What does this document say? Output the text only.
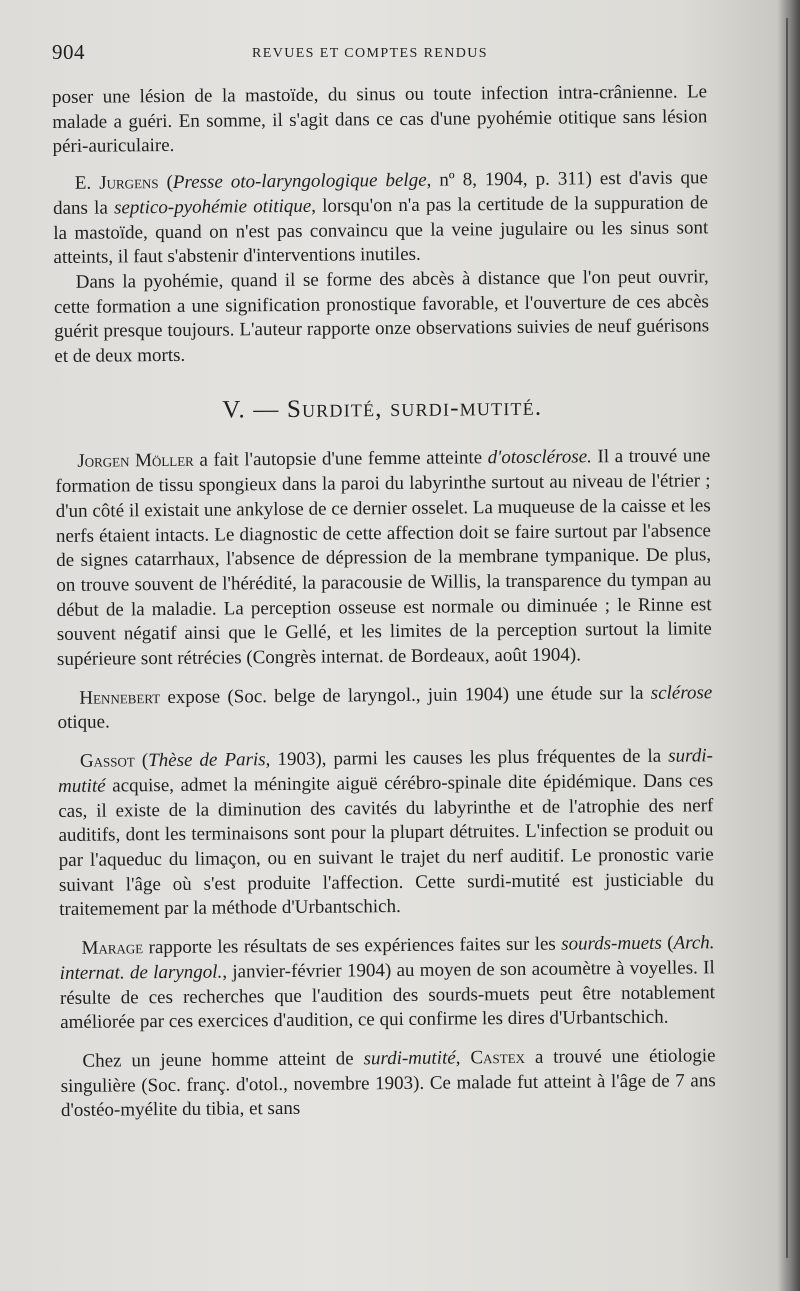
904	REVUES ET COMPTES RENDUS

poser une lésion de la mastoïde, du sinus ou toute infection intra-crânienne. Le malade a guéri. En somme, il s'agit dans ce cas d'une pyohémie otitique sans lésion péri-auriculaire.

E. Jurgens (Presse oto-laryngologique belge, nº 8, 1904, p. 311) est d'avis que dans la septico-pyohémie otitique, lorsqu'on n'a pas la certitude de la suppuration de la mastoïde, quand on n'est pas convaincu que la veine jugulaire ou les sinus sont atteints, il faut s'abstenir d'interventions inutiles.

Dans la pyohémie, quand il se forme des abcès à distance que l'on peut ouvrir, cette formation a une signification pronostique favorable, et l'ouverture de ces abcès guérit presque toujours. L'auteur rapporte onze observations suivies de neuf guérisons et de deux morts.

V. — Surdité, surdi-mutité.

Jorgen Möller a fait l'autopsie d'une femme atteinte d'otosclérose. Il a trouvé une formation de tissu spongieux dans la paroi du labyrinthe surtout au niveau de l'étrier ; d'un côté il existait une ankylose de ce dernier osselet. La muqueuse de la caisse et les nerfs étaient intacts. Le diagnostic de cette affection doit se faire surtout par l'absence de signes catarrhaux, l'absence de dépression de la membrane tympanique. De plus, on trouve souvent de l'hérédité, la paracousie de Willis, la transparence du tympan au début de la maladie. La perception osseuse est normale ou diminuée ; le Rinne est souvent négatif ainsi que le Gellé, et les limites de la perception surtout la limite supérieure sont rétrécies (Congrès internat. de Bordeaux, août 1904).

Hennebert expose (Soc. belge de laryngol., juin 1904) une étude sur la sclérose otique.

Gassot (Thèse de Paris, 1903), parmi les causes les plus fréquentes de la surdi-mutité acquise, admet la méningite aiguë cérébro-spinale dite épidémique. Dans ces cas, il existe de la diminution des cavités du labyrinthe et de l'atrophie des nerf auditifs, dont les terminaisons sont pour la plupart détruites. L'infection se produit ou par l'aqueduc du limaçon, ou en suivant le trajet du nerf auditif. Le pronostic varie suivant l'âge où s'est produite l'affection. Cette surdi-mutité est justiciable du traitemement par la méthode d'Urbantschich.

Marage rapporte les résultats de ses expériences faites sur les sourds-muets (Arch. internat. de laryngol., janvier-février 1904) au moyen de son acoumètre à voyelles. Il résulte de ces recherches que l'audition des sourds-muets peut être notablement améliorée par ces exercices d'audition, ce qui confirme les dires d'Urbantschich.

Chez un jeune homme atteint de surdi-mutité, Castex a trouvé une étiologie singulière (Soc. franç. d'otol., novembre 1903). Ce malade fut atteint à l'âge de 7 ans d'ostéo-myélite du tibia, et sans
